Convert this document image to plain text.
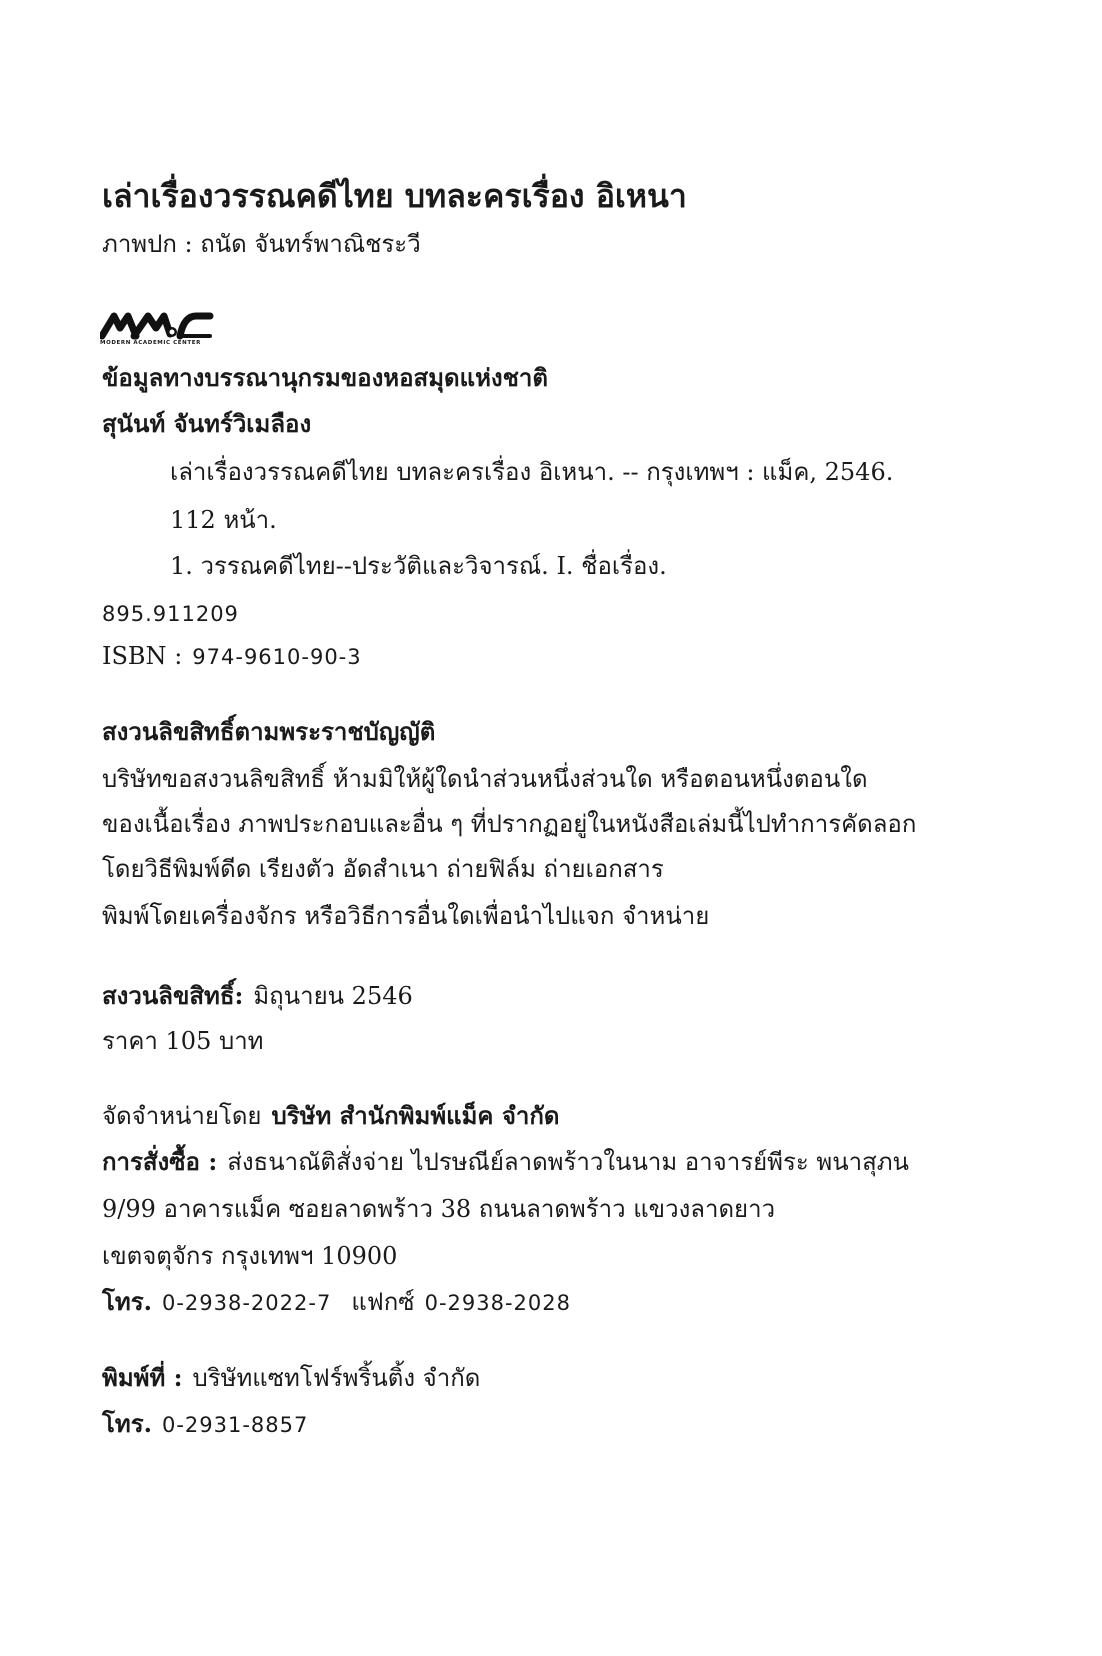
เล่าเรื่องวรรณคดีไทย บทละครเรื่อง อิเหนา
ภาพปก : ถนัด จันทร์พาณิชระวี
MODERN ACADEMIC CENTER
ข้อมูลทางบรรณานุกรมของหอสมุดแห่งชาติ
สุนันท์ จันทร์วิเมลือง
เล่าเรื่องวรรณคดีไทย บทละครเรื่อง อิเหนา. -- กรุงเทพฯ : แม็ค, 2546.
112 หน้า.
1. วรรณคดีไทย--ประวัติและวิจารณ์. I. ชื่อเรื่อง.
895.911209
ISBN : 974-9610-90-3
สงวนลิขสิทธิ์ตามพระราชบัญญัติ
บริษัทขอสงวนลิขสิทธิ์ ห้ามมิให้ผู้ใดนำส่วนหนึ่งส่วนใด หรือตอนหนึ่งตอนใด
ของเนื้อเรื่อง ภาพประกอบและอื่น ๆ ที่ปรากฏอยู่ในหนังสือเล่มนี้ไปทำการคัดลอก
โดยวิธีพิมพ์ดีด เรียงตัว อัดสำเนา ถ่ายฟิล์ม ถ่ายเอกสาร
พิมพ์โดยเครื่องจักร หรือวิธีการอื่นใดเพื่อนำไปแจก จำหน่าย
สงวนลิขสิทธิ์: มิถุนายน 2546
ราคา 105 บาท
จัดจำหน่ายโดย บริษัท สำนักพิมพ์แม็ค จำกัด
การสั่งซื้อ : ส่งธนาณัติสั่งจ่าย ไปรษณีย์ลาดพร้าวในนาม อาจารย์พีระ พนาสุภน
9/99 อาคารแม็ค ซอยลาดพร้าว 38 ถนนลาดพร้าว แขวงลาดยาว
เขตจตุจักร กรุงเทพฯ 10900
โทร. 0-2938-2022-7 แฟกซ์ 0-2938-2028
พิมพ์ที่ : บริษัทแซทโฟร์พริ้นติ้ง จำกัด
โทร. 0-2931-8857
